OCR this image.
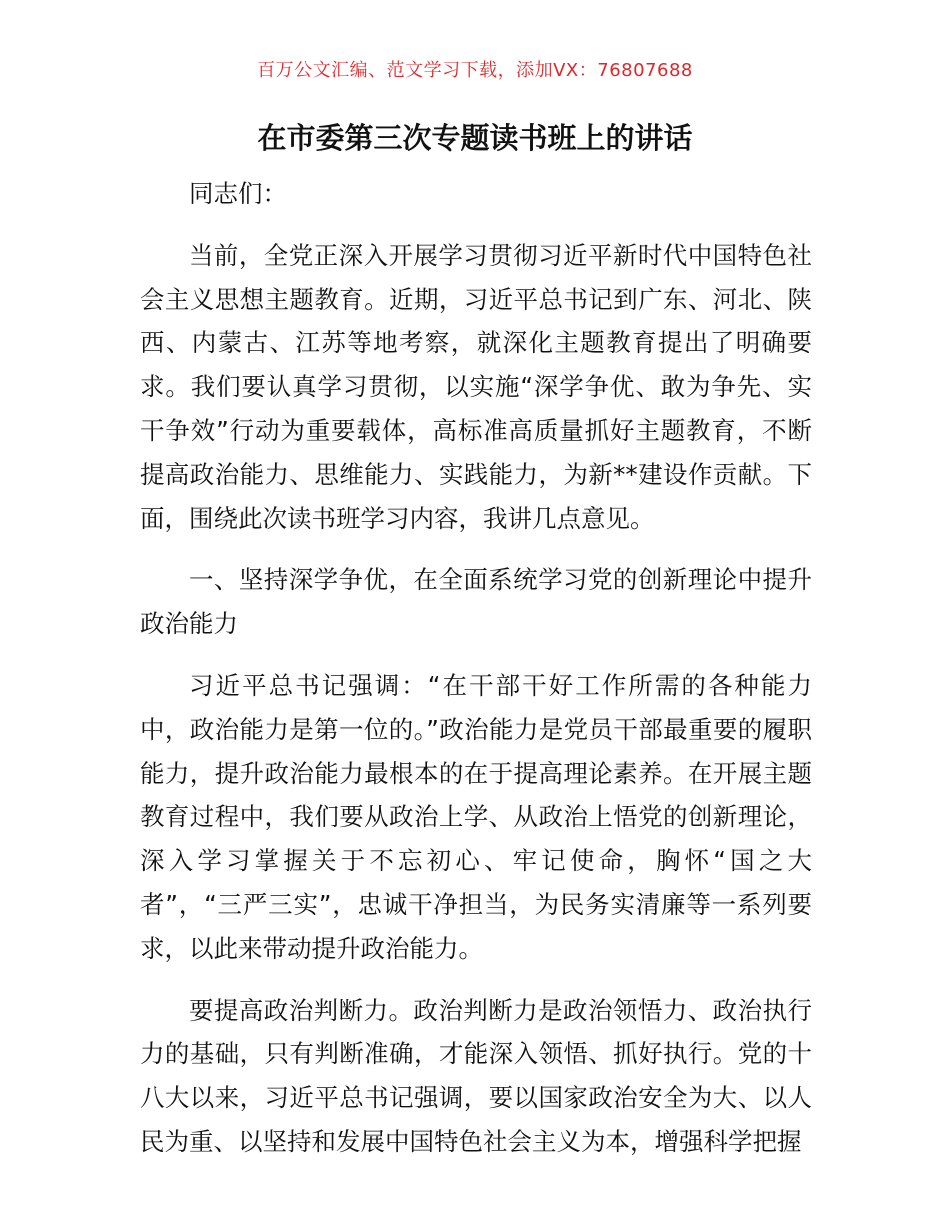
百万公文汇编、范文学习下载，添加VX：76807688
在市委第三次专题读书班上的讲话

同志们：

当前，全党正深入开展学习贯彻习近平新时代中国特色社会主义思想主题教育。近期，习近平总书记到广东、河北、陕西、内蒙古、江苏等地考察，就深化主题教育提出了明确要求。我们要认真学习贯彻，以实施“深学争优、敢为争先、实干争效”行动为重要载体，高标准高质量抓好主题教育，不断提高政治能力、思维能力、实践能力，为新**建设作贡献。下面，围绕此次读书班学习内容，我讲几点意见。

一、坚持深学争优，在全面系统学习党的创新理论中提升政治能力

习近平总书记强调：“在干部干好工作所需的各种能力中，政治能力是第一位的。”政治能力是党员干部最重要的履职能力，提升政治能力最根本的在于提高理论素养。在开展主题教育过程中，我们要从政治上学、从政治上悟党的创新理论，深入学习掌握关于不忘初心、牢记使命，胸怀“国之大者”，“三严三实”，忠诚干净担当，为民务实清廉等一系列要求，以此来带动提升政治能力。

要提高政治判断力。政治判断力是政治领悟力、政治执行力的基础，只有判断准确，才能深入领悟、抓好执行。党的十八大以来，习近平总书记强调，要以国家政治安全为大、以人民为重、以坚持和发展中国特色社会主义为本，增强科学把握
